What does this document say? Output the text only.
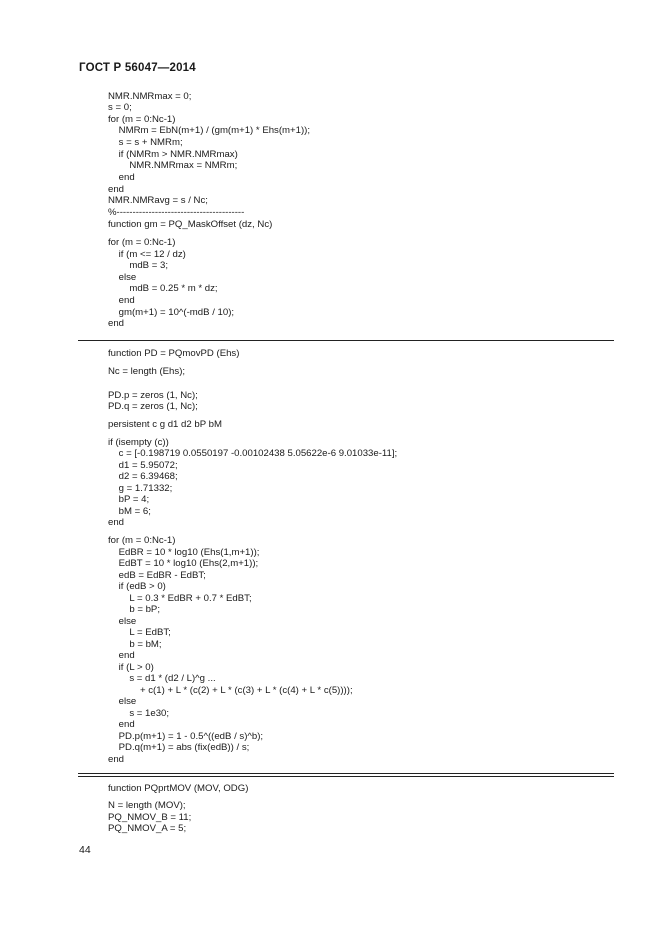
ГОСТ Р 56047—2014
NMR.NMRmax = 0;
s = 0;
for (m = 0:Nc-1)
NMRm = EbN(m+1) / (gm(m+1) * Ehs(m+1));
s = s + NMRm;
if (NMRm > NMR.NMRmax)
NMR.NMRmax = NMRm;
end
end
NMR.NMRavg = s / Nc;
%----------------------------------------
function gm = PQ_MaskOffset (dz, Nc)
for (m = 0:Nc-1)
if (m <= 12 / dz)
mdB = 3;
else
mdB = 0.25 * m * dz;
end
gm(m+1) = 10^(-mdB / 10);
end
function PD = PQmovPD (Ehs)
Nc = length (Ehs);
PD.p = zeros (1, Nc);
PD.q = zeros (1, Nc);
persistent c g d1 d2 bP bM
if (isempty (c))
c = [-0.198719 0.0550197 -0.00102438 5.05622e-6 9.01033e-11];
d1 = 5.95072;
d2 = 6.39468;
g = 1.71332;
bP = 4;
bM = 6;
end
for (m = 0:Nc-1)
EdBR = 10 * log10 (Ehs(1,m+1));
EdBT = 10 * log10 (Ehs(2,m+1));
edB = EdBR - EdBT;
if (edB > 0)
L = 0.3 * EdBR + 0.7 * EdBT;
b = bP;
else
L = EdBT;
b = bM;
end
if (L > 0)
s = d1 * (d2 / L)^g ...
+ c(1) + L * (c(2) + L * (c(3) + L * (c(4) + L * c(5))));
else
s = 1e30;
end
PD.p(m+1) = 1 - 0.5^((edB / s)^b);
PD.q(m+1) = abs (fix(edB)) / s;
end
function PQprtMOV (MOV, ODG)
N = length (MOV);
PQ_NMOV_B = 11;
PQ_NMOV_A = 5;
44
